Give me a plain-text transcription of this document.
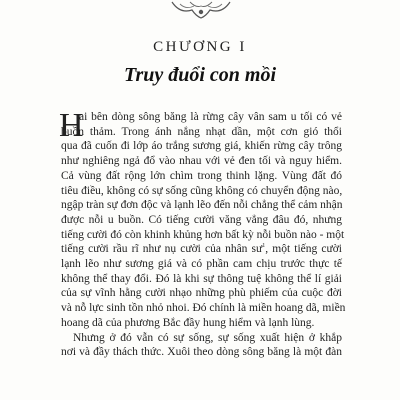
CHƯƠNG I
Truy đuổi con mồi
H

ai bên dòng sông băng là rừng cây vân sam u tối có vẻ
buồn thảm. Trong ánh nắng nhạt dần, một cơn gió thổi
qua đã cuốn đi lớp áo trắng sương giá, khiến rừng cây trông
như nghiêng ngả đổ vào nhau với vẻ đen tối và nguy hiểm.
Cả vùng đất rộng lớn chìm trong thinh lặng. Vùng đất đó
tiêu điều, không có sự sống cũng không có chuyển động nào,
ngập tràn sự đơn độc và lạnh lẽo đến nỗi chẳng thể cảm nhận
được nỗi u buồn. Có tiếng cười văng vẳng đâu đó, nhưng
tiếng cười đó còn khinh khủng hơn bất kỳ nỗi buồn nào - một
tiếng cười rầu rĩ như nụ cười của nhân $sư^1$, một tiếng cười
lạnh lẽo như sương giá và có phần cam chịu trước thực tế
không thể thay đổi. Đó là khi sự thông tuệ không thể lí giải
của sự vĩnh hằng cười nhạo những phù phiếm của cuộc đời
và nỗ lực sinh tồn nhỏ nhoi. Đó chính là miền hoang dã, miền
hoang dã của phương Bắc đầy hung hiểm và lạnh lùng.

Nhưng ở đó vẫn có sự sống, sự sống xuất hiện ở khắp
nơi và đầy thách thức. Xuôi theo dòng sông băng là một đàn
